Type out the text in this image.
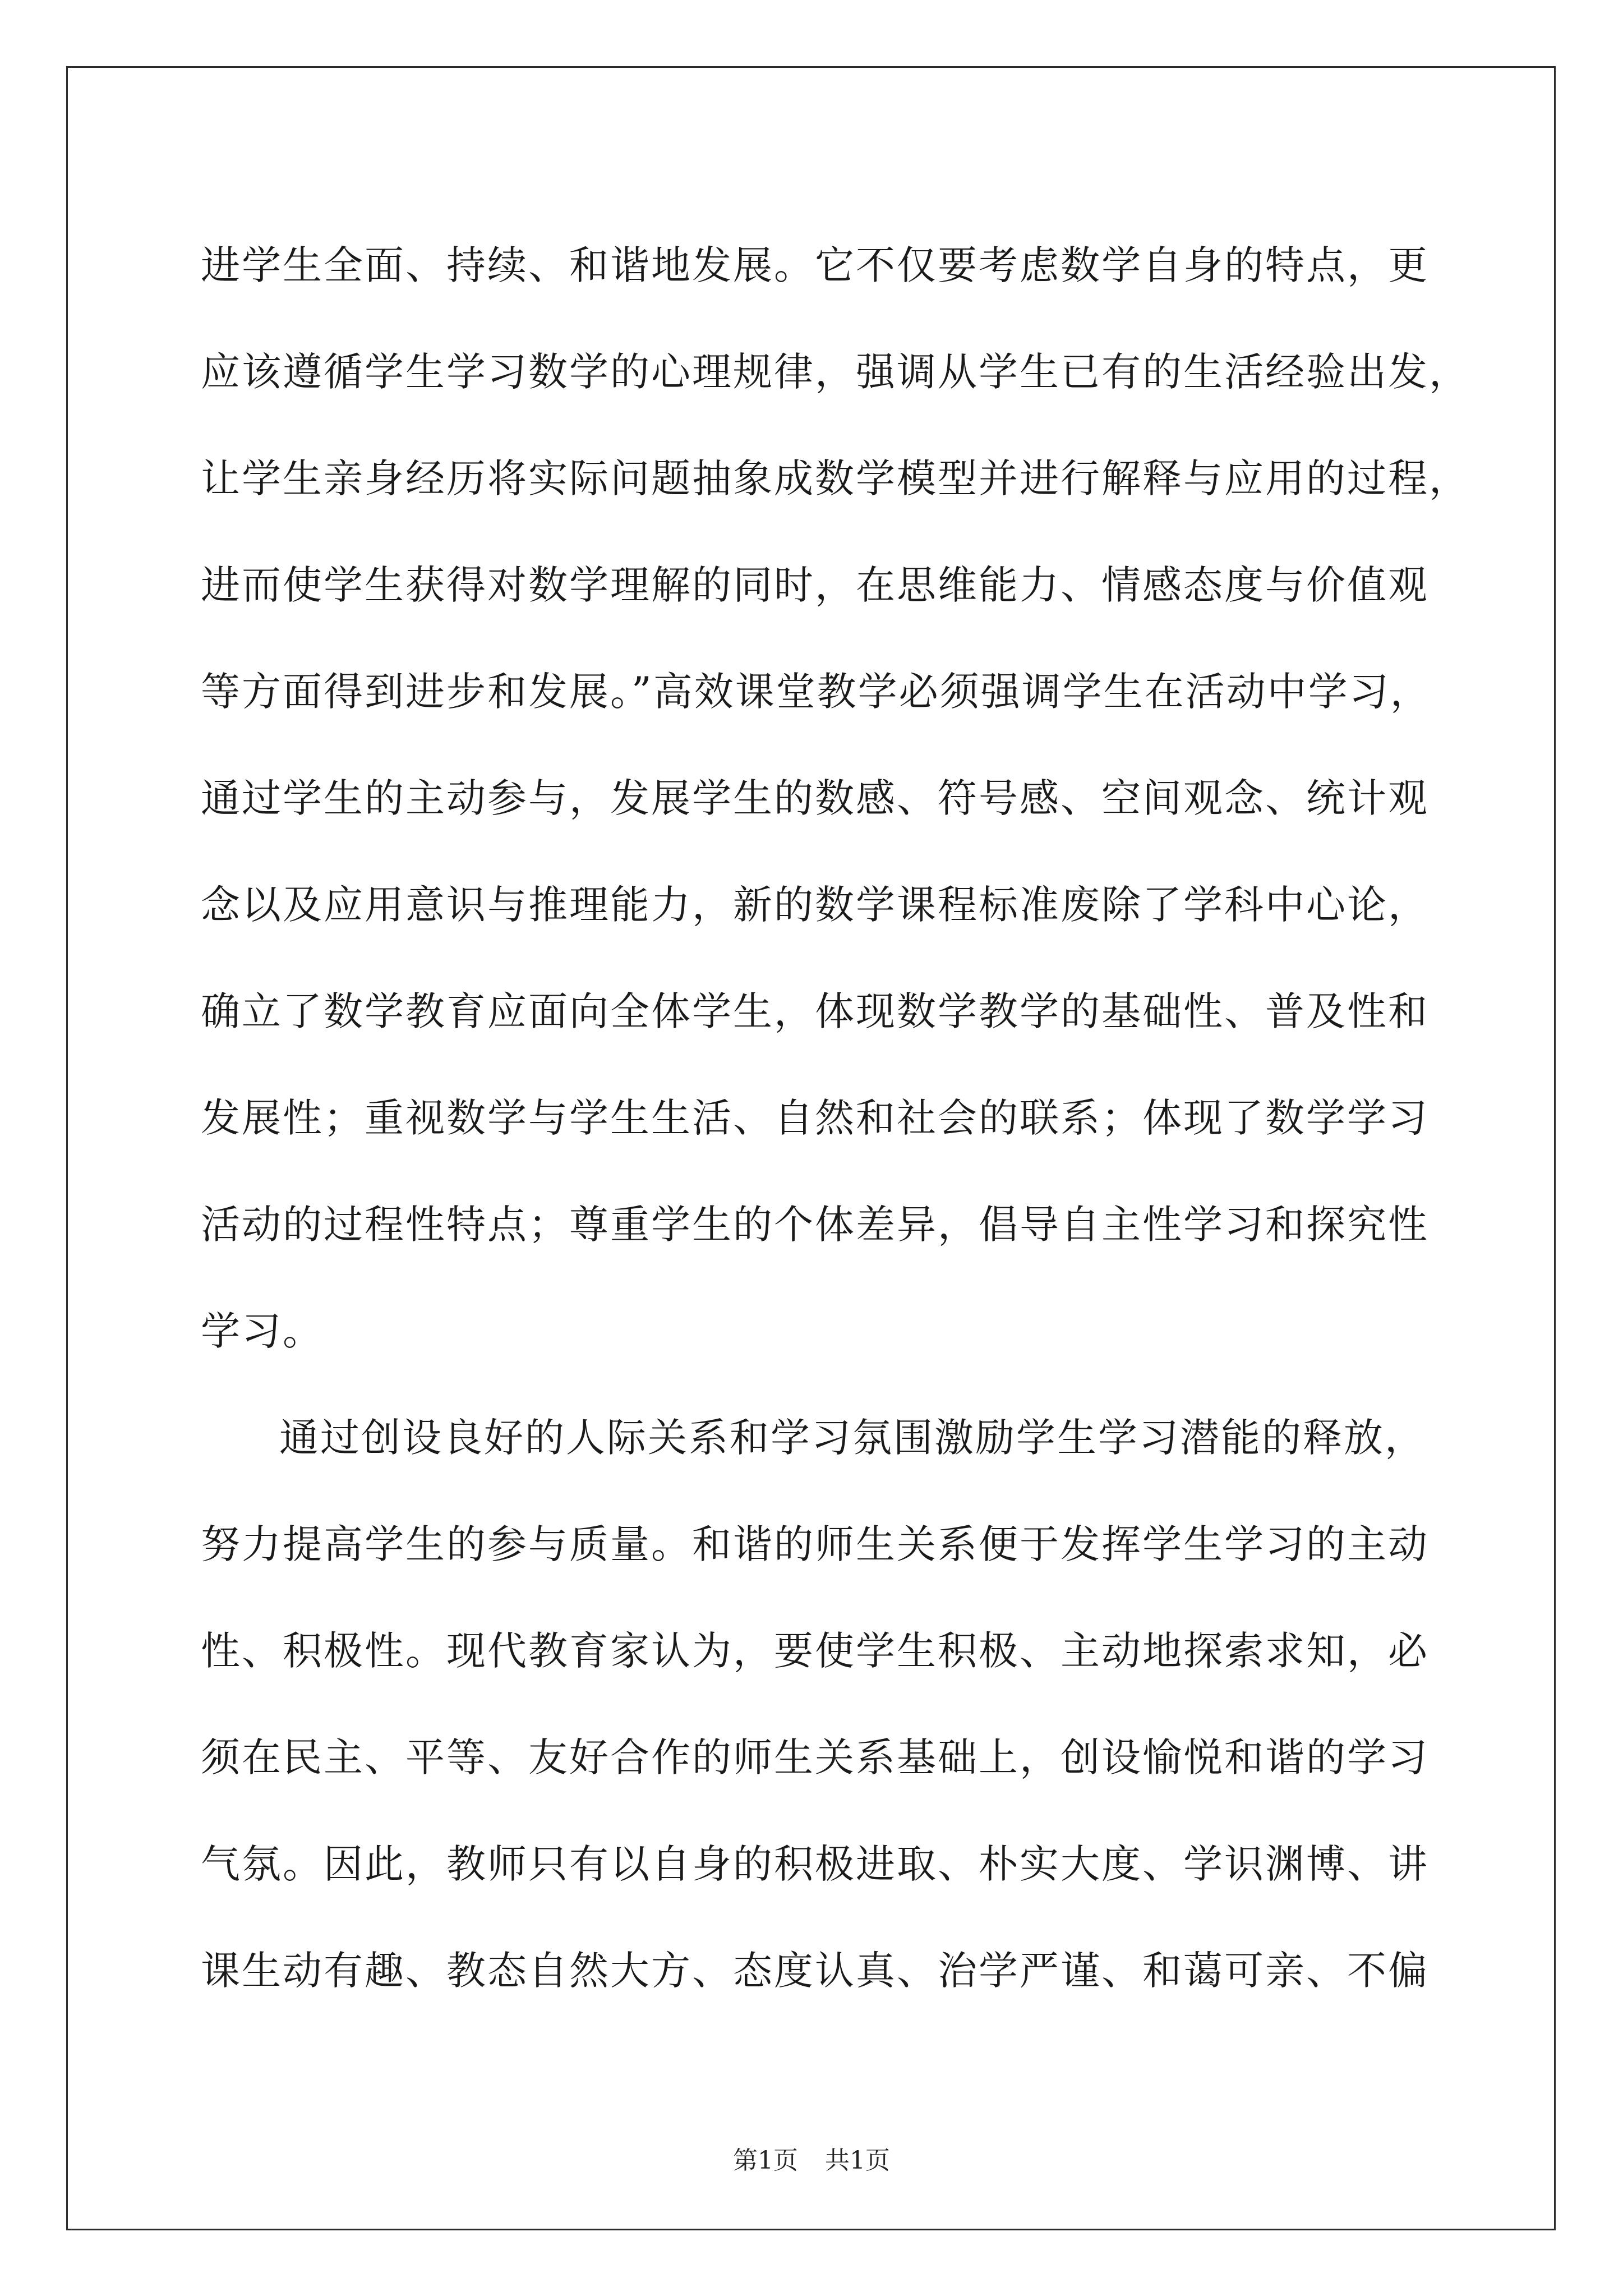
进学生全面、持续、和谐地发展。它不仅要考虑数学自身的特点，更
应该遵循学生学习数学的心理规律，强调从学生已有的生活经验出发，
让学生亲身经历将实际问题抽象成数学模型并进行解释与应用的过程，
进而使学生获得对数学理解的同时，在思维能力、情感态度与价值观
等方面得到进步和发展。”高效课堂教学必须强调学生在活动中学习，
通过学生的主动参与，发展学生的数感、符号感、空间观念、统计观
念以及应用意识与推理能力，新的数学课程标准废除了学科中心论，
确立了数学教育应面向全体学生，体现数学教学的基础性、普及性和
发展性；重视数学与学生生活、自然和社会的联系；体现了数学学习
活动的过程性特点；尊重学生的个体差异，倡导自主性学习和探究性
学习。
通过创设良好的人际关系和学习氛围激励学生学习潜能的释放，
努力提高学生的参与质量。和谐的师生关系便于发挥学生学习的主动
性、积极性。现代教育家认为，要使学生积极、主动地探索求知，必
须在民主、平等、友好合作的师生关系基础上，创设愉悦和谐的学习
气氛。因此，教师只有以自身的积极进取、朴实大度、学识渊博、讲
课生动有趣、教态自然大方、态度认真、治学严谨、和蔼可亲、不偏
第1页 共1页
